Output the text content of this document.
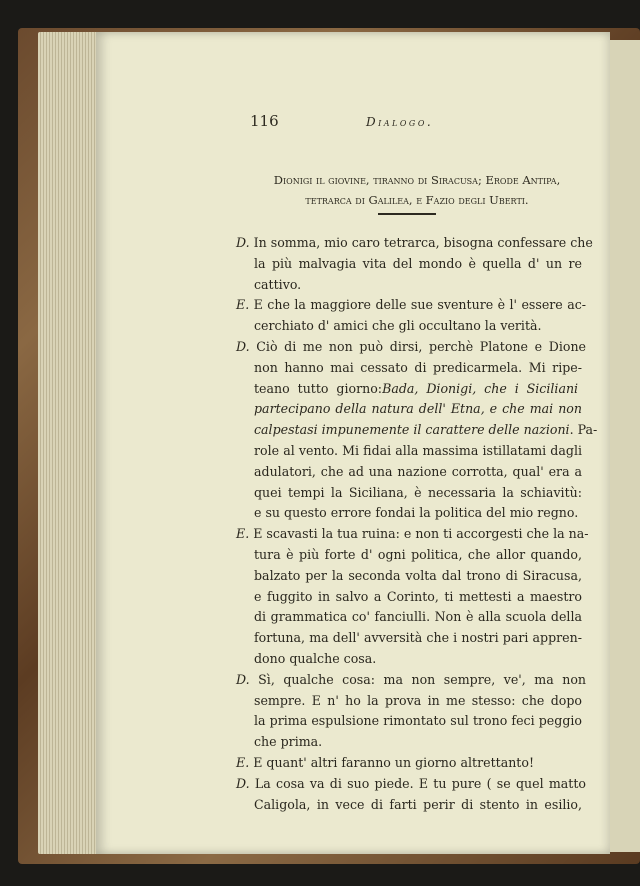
116	Dialogo.
Dionigi il giovine, tiranno di Siracusa; Erode Antipa,
tetrarca di Galilea, e Fazio degli Uberti.
D. In somma, mio caro tetrarca, bisogna confessare che
la più malvagia vita del mondo è quella d' un re
cattivo.
E. E che la maggiore delle sue sventure è l' essere ac-
cerchiato d' amici che gli occultano la verità.
D. Ciò di me non può dirsi, perchè Platone e Dione
non hanno mai cessato di predicarmela. Mi ripe-
teano tutto giorno:Bada, Dionigi, che i Siciliani
partecipano della natura dell' Etna, e che mai non
calpestasi impunemente il carattere delle nazioni. Pa-
role al vento. Mi fidai alla massima istillatami dagli
adulatori, che ad una nazione corrotta, qual' era a
quei tempi la Siciliana, è necessaria la schiavitù:
e su questo errore fondai la politica del mio regno.
E. E scavasti la tua ruina: e non ti accorgesti che la na-
tura è più forte d' ogni politica, che allor quando,
balzato per la seconda volta dal trono di Siracusa,
e fuggito in salvo a Corinto, ti mettesti a maestro
di grammatica co' fanciulli. Non è alla scuola della
fortuna, ma dell' avversità che i nostri pari appren-
dono qualche cosa.
D. Sì, qualche cosa: ma non sempre, ve', ma non
sempre. E n' ho la prova in me stesso: che dopo
la prima espulsione rimontato sul trono feci peggio
che prima.
E. E quant' altri faranno un giorno altrettanto!
D. La cosa va di suo piede. E tu pure ( se quel matto
Caligola, in vece di farti perir di stento in esilio,
